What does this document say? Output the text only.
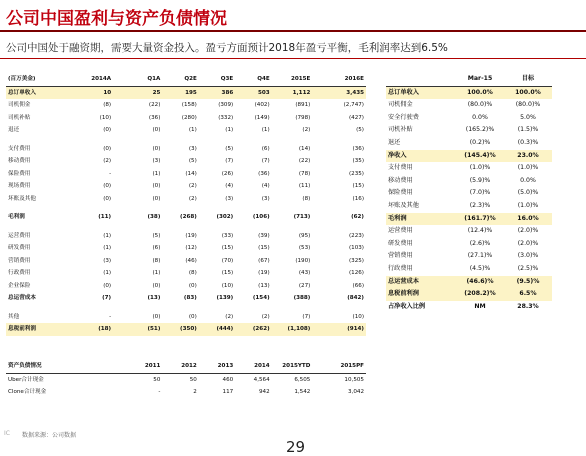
公司中国盈利与资产负债情况
公司中国处于融资期，需要大量资金投入。盈亏方面预计2018年盈亏平衡，毛利润率达到6.5%
(百万美金)	2014A		Q1A	Q2E	Q3E	Q4E	2015E		2016E
总订单收入	10		25	195	386	503	1,112		3,435
司机佣金	(8)		(22)	(158)	(309)	(402)	(891)		(2,747)
司机补贴	(10)		(36)	(280)	(332)	(149)	(798)		(427)
退还	(0)		(0)	(1)	(1)	(1)	(2)		(5)

支付费用	(0)		(0)	(3)	(5)	(6)	(14)		(36)
移动费用	(2)		(3)	(5)	(7)	(7)	(22)		(35)
保险费用	-		(1)	(14)	(26)	(36)	(78)		(235)
现场费用	(0)		(0)	(2)	(4)	(4)	(11)		(15)
坏账及其他	(0)		(0)	(2)	(3)	(3)	(8)		(16)

毛利润	(11)		(38)	(268)	(302)	(106)	(713)		(62)

运营费用	(1)		(5)	(19)	(33)	(39)	(95)		(223)
研发费用	(1)		(6)	(12)	(15)	(15)	(53)		(103)
营销费用	(3)		(8)	(46)	(70)	(67)	(190)		(325)
行政费用	(1)		(1)	(8)	(15)	(19)	(43)		(126)
企业保险	(0)		(0)	(0)	(10)	(13)	(27)		(66)
总运营成本	(7)		(13)	(83)	(139)	(154)	(388)		(842)

其他	-		(0)	(0)	(2)	(2)	(7)		(10)
息税前利润	(18)		(51)	(350)	(444)	(262)	(1,108)		(914)
	Mar-15	目标
总订单收入	100.0%	100.0%
司机佣金	(80.0)%	(80.0)%
安全行驶费	0.0%	5.0%
司机补贴	(165.2)%	(1.5)%
退还	(0.2)%	(0.3)%
净收入	(145.4)%	23.0%
支付费用	(1.0)%	(1.0)%
移动费用	(5.9)%	0.0%
保险费用	(7.0)%	(5.0)%
坏账及其他	(2.3)%	(1.0)%
毛利润	(161.7)%	16.0%
运营费用	(12.4)%	(2.0)%
研发费用	(2.6)%	(2.0)%
营销费用	(27.1)%	(3.0)%
行政费用	(4.5)%	(2.5)%
总运营成本	(46.6)%	(9.5)%
息税前利润	(208.2)%	6.5%
占净收入比例	NM	28.3%
资产负债情况			2011	2012	2013	2014	2015YTD		2015PF
Uber合计现金			50	50	460	4,564	6,505		10,505
Clone合计现金			-	2	117	942	1,542		3,042
IC 数据来源：公司数据
29
